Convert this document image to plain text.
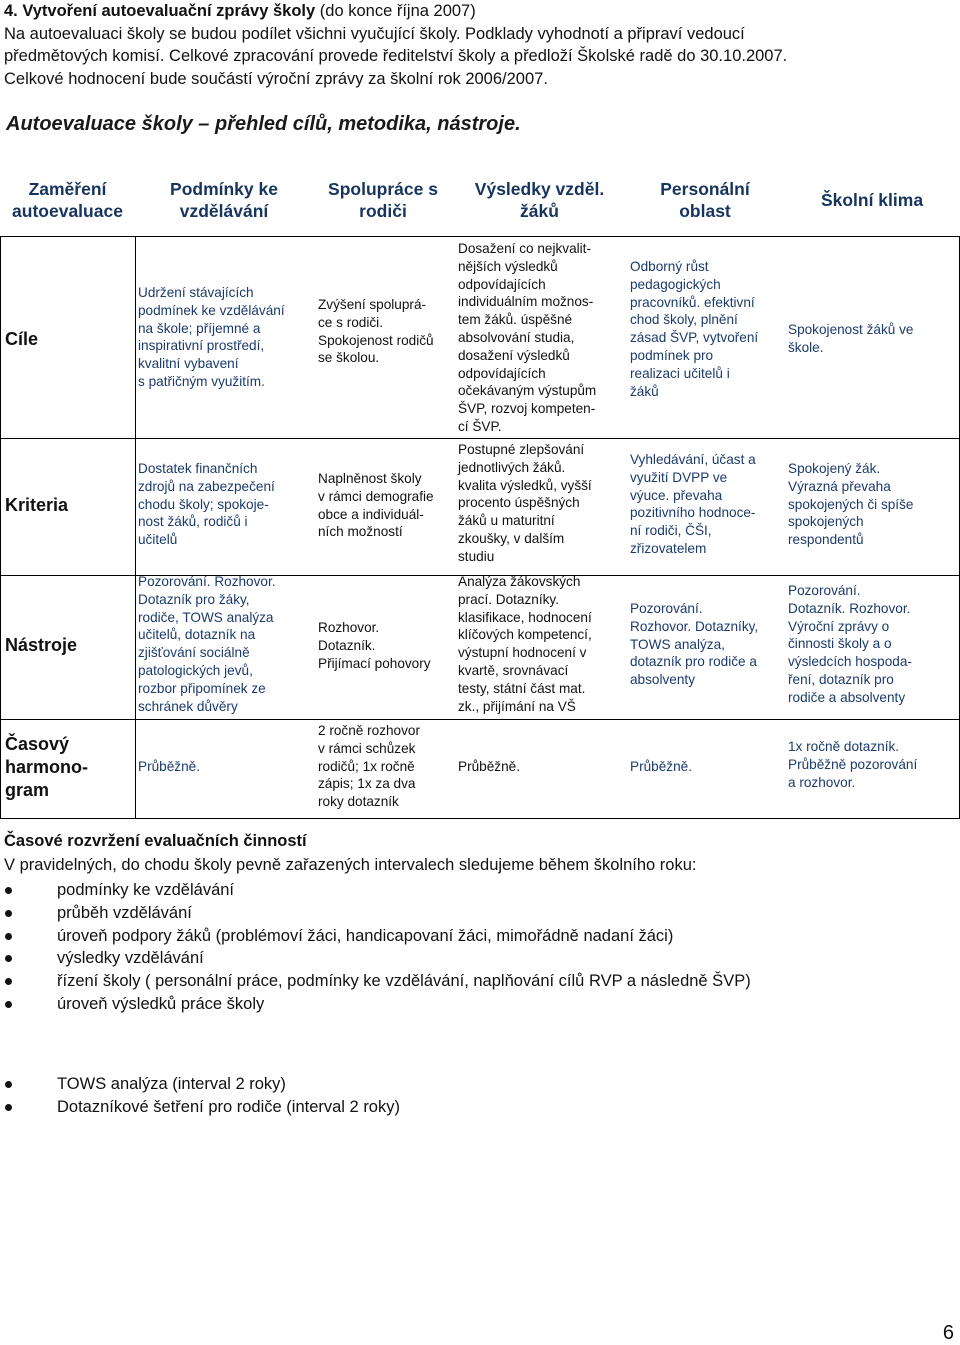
4. Vytvoření autoevaluační zprávy školy (do konce října 2007)

Na autoevaluaci školy se budou podílet všichni vyučující školy. Podklady vyhodnotí a připraví vedoucí

předmětových komisí. Celkové zpracování provede ředitelství školy a předloží Školské radě do 30.10.2007.

Celkové hodnocení bude součástí výroční zprávy za školní rok 2006/2007.

Autoevaluace školy – přehled cílů, metodika, nástroje.
Zaměření
autoevaluace
Podmínky ke
vzdělávání
Spolupráce s
rodiči
Výsledky vzděl.
žáků
Personální
oblast
Školní klima
Cíle
Udržení stávajících
podmínek ke vzdělávání
na škole; příjemné a
inspirativní prostředí,
kvalitní vybavení
s patřičným využitím.
Zvýšení spoluprá-
ce s rodiči.
Spokojenost rodičů
se školou.
Dosažení co nejkvalit-
nějších výsledků
odpovídajících
individuálním možnos-
tem žáků. úspěšné
absolvování studia,
dosažení výsledků
odpovídajících
očekávaným výstupům
ŠVP, rozvoj kompeten-
cí ŠVP.
Odborný růst
pedagogických
pracovníků. efektivní
chod školy, plnění
zásad ŠVP, vytvoření
podmínek pro
realizaci učitelů i
žáků
Spokojenost žáků ve
škole.
Kriteria
Dostatek finančních
zdrojů na zabezpečení
chodu školy; spokoje-
nost žáků, rodičů i
učitelů
Naplněnost školy
v rámci demografie
obce a individuál-
ních možností
Postupné zlepšování
jednotlivých žáků.
kvalita výsledků, vyšší
procento úspěšných
žáků u maturitní
zkoušky, v dalším
studiu
Vyhledávání, účast a
využití DVPP ve
výuce. převaha
pozitivního hodnoce-
ní rodiči, ČŠI,
zřizovatelem
Spokojený žák.
Výrazná převaha
spokojených či spíše
spokojených
respondentů
Nástroje
Pozorování. Rozhovor.
Dotazník pro žáky,
rodiče, TOWS analýza
učitelů, dotazník na
zjišťování sociálně
patologických jevů,
rozbor připomínek ze
schránek důvěry
Rozhovor.
Dotazník.
Přijímací pohovory
Analýza žákovských
prací. Dotazníky.
klasifikace, hodnocení
klíčových kompetencí,
výstupní hodnocení v
kvartě, srovnávací
testy, státní část mat.
zk., přijímání na VŠ
Pozorování.
Rozhovor. Dotazníky,
TOWS analýza,
dotazník pro rodiče a
absolventy
Pozorování.
Dotazník. Rozhovor.
Výroční zprávy o
činnosti školy a o
výsledcích hospoda-
ření, dotazník pro
rodiče a absolventy
Časový
harmono-
gram
Průběžně.
2 ročně rozhovor
v rámci schůzek
rodičů; 1x ročně
zápis; 1x za dva
roky dotazník
Průběžně.	Průběžně.
1x ročně dotazník.
Průběžně pozorování
a rozhovor.
Časové rozvržení evaluačních činností
V pravidelných, do chodu školy pevně zařazených intervalech sledujeme během školního roku:
podmínky ke vzdělávání
průběh vzdělávání
úroveň podpory žáků (problémoví žáci, handicapovaní žáci, mimořádně nadaní žáci)
výsledky vzdělávání
řízení školy ( personální práce, podmínky ke vzdělávání, naplňování cílů RVP a následně ŠVP)
úroveň výsledků práce školy
TOWS analýza (interval 2 roky)
Dotazníkové šetření pro rodiče (interval 2 roky)
6
